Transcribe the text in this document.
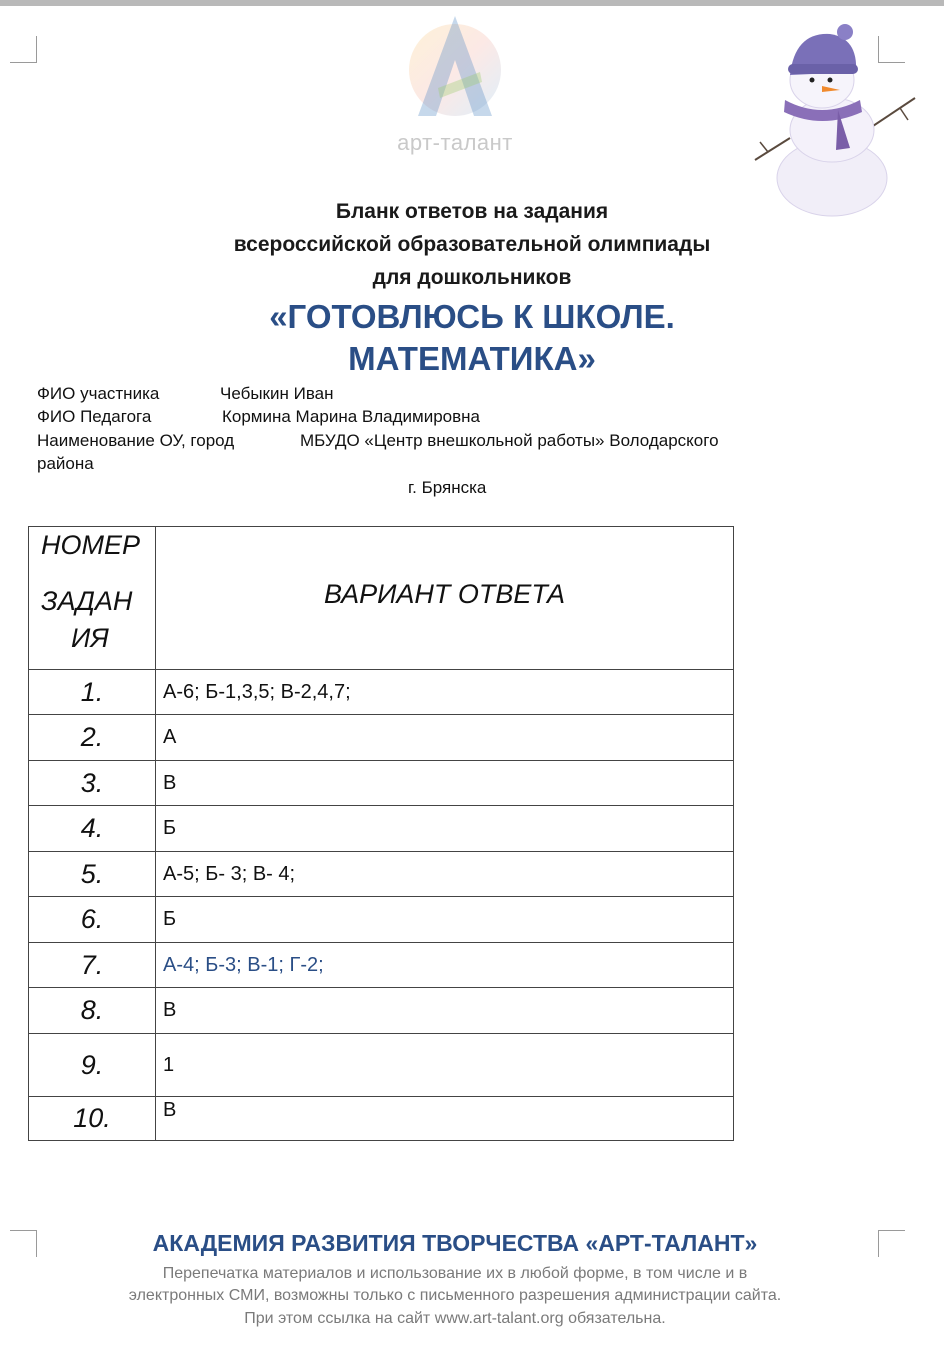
арт-талант
Бланк ответов на задания
всероссийской образовательной олимпиады
для дошкольников
«ГОТОВЛЮСЬ К ШКОЛЕ.
МАТЕМАТИКА»
ФИО участника	Чебыкин Иван
ФИО Педагога	Кормина Марина Владимировна
Наименование ОУ, город	МБУДО «Центр внешкольной работы» Володарского
района
г. Брянска
НОМЕР
ЗАДАН
ИЯ	ВАРИАНТ ОТВЕТА
1.	А-6; Б-1,3,5; В-2,4,7;
2.	А
3.	В
4.	Б
5.	А-5; Б- 3; В- 4;
6.	Б
7.	А-4; Б-3; В-1; Г-2;
8.	В
9.	1
10.	В
АКАДЕМИЯ РАЗВИТИЯ ТВОРЧЕСТВА «АРТ-ТАЛАНТ»
Перепечатка материалов и использование их в любой форме, в том числе и в
электронных СМИ, возможны только с письменного разрешения администрации сайта.
При этом ссылка на сайт www.art-talant.org обязательна.
